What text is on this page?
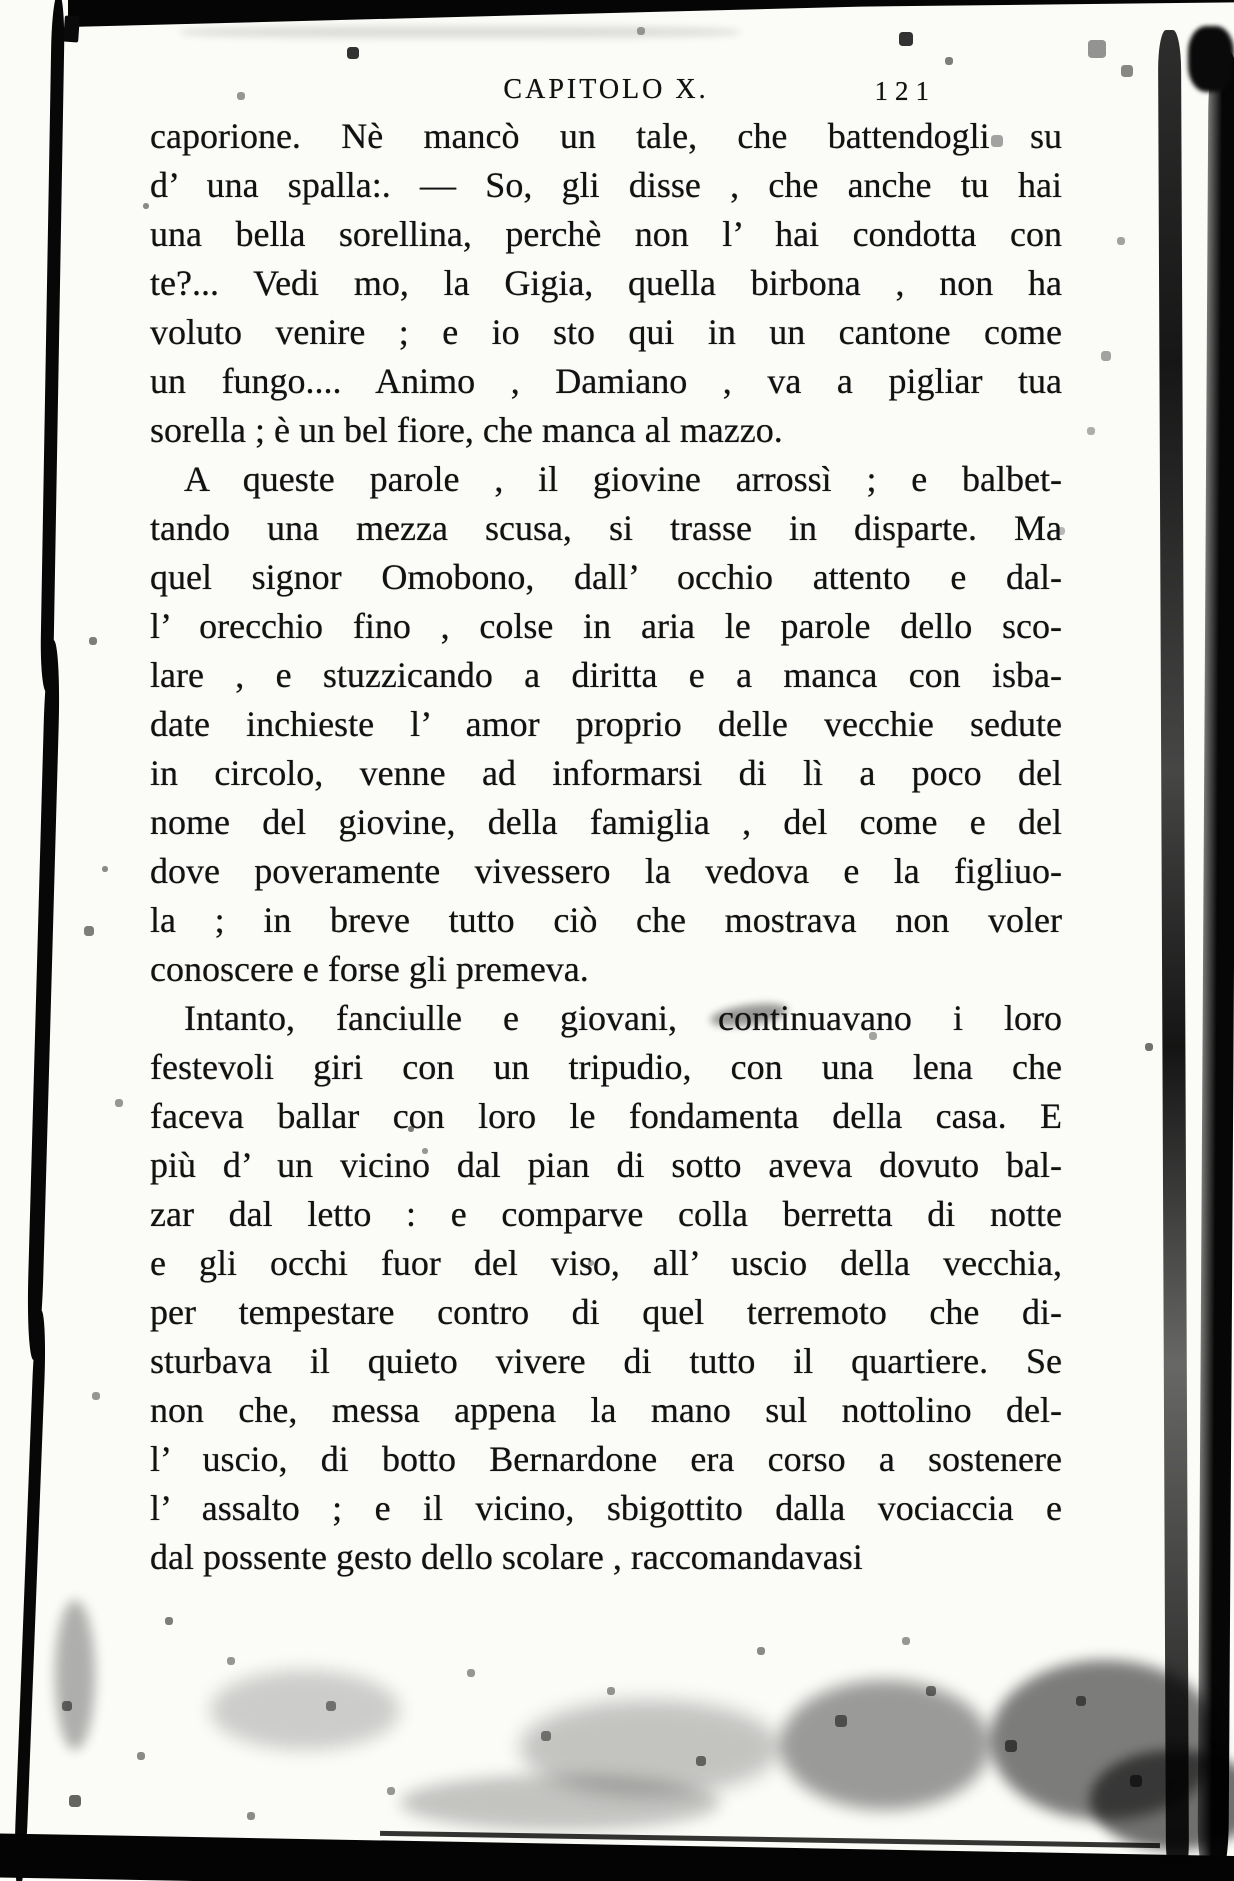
CAPITOLO X.	121
caporione. Nè mancò un tale, che battendogli su
d’ una spalla:. — So, gli disse , che anche tu hai
una bella sorellina, perchè non l’ hai condotta con
te?... Vedi mo, la Gigia, quella birbona , non ha
voluto venire ; e io sto qui in un cantone come
un fungo.... Animo , Damiano , va a pigliar tua
sorella ; è un bel fiore, che manca al mazzo.
A queste parole , il giovine arrossì ; e balbet-
tando una mezza scusa, si trasse in disparte. Ma
quel signor Omobono, dall’ occhio attento e dal-
l’ orecchio fino , colse in aria le parole dello sco-
lare , e stuzzicando a diritta e a manca con isba-
date inchieste l’ amor proprio delle vecchie sedute
in circolo, venne ad informarsi di lì a poco del
nome del giovine, della famiglia , del come e del
dove poveramente vivessero la vedova e la figliuo-
la ; in breve tutto ciò che mostrava non voler
conoscere e forse gli premeva.
Intanto, fanciulle e giovani, continuavano i loro
festevoli giri con un tripudio, con una lena che
faceva ballar con loro le fondamenta della casa. E
più d’ un vicino dal pian di sotto aveva dovuto bal-
zar dal letto : e comparve colla berretta di notte
e gli occhi fuor del viso, all’ uscio della vecchia,
per tempestare contro di quel terremoto che di-
sturbava il quieto vivere di tutto il quartiere. Se
non che, messa appena la mano sul nottolino del-
l’ uscio, di botto Bernardone era corso a sostenere
l’ assalto ; e il vicino, sbigottito dalla vociaccia e
dal possente gesto dello scolare , raccomandavasi
